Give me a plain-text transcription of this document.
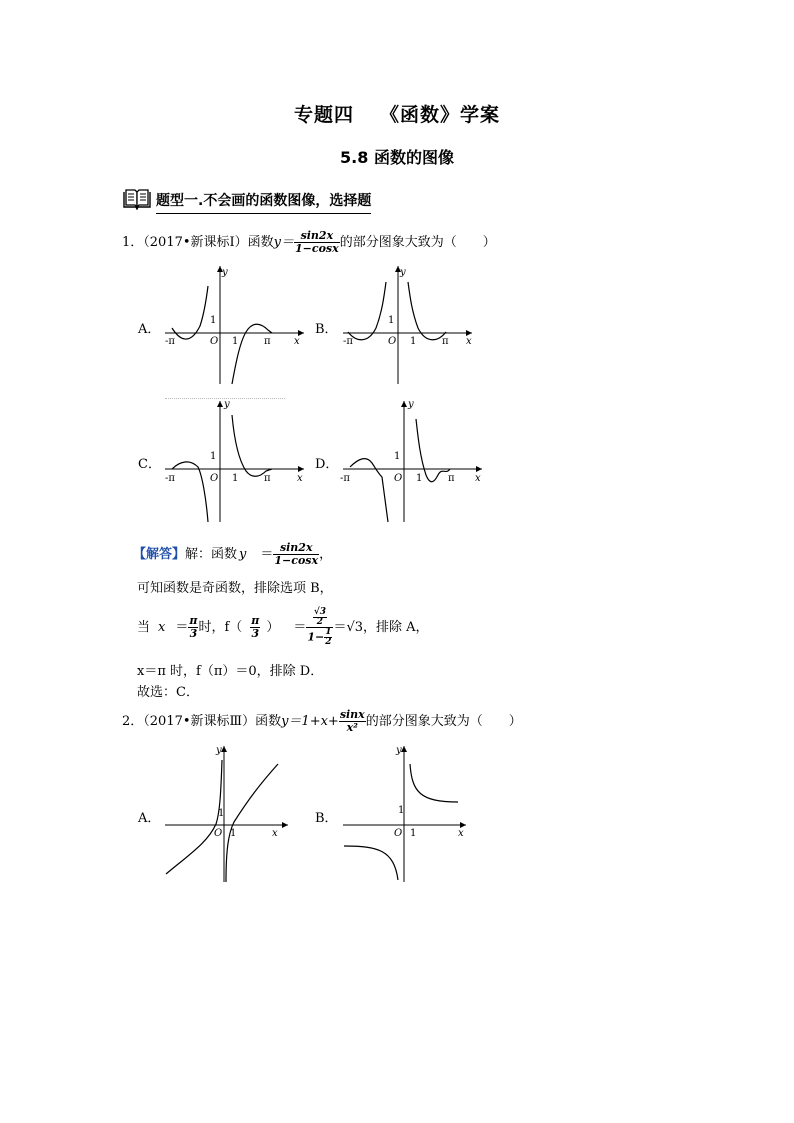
专题四 《函数》学案
5.8 函数的图像
题型一.不会画的函数图像，选择题
1．（2017•新课标Ⅰ）函数$y= \frac{\sin 2x}{1-\cos x}$ 的部分图象大致为（　　）
A．	B．
C．	D．
y
1
O 1	π
-π	x
y
1
O 1	π
-π	x
y
1
O 1	π
-π	x
y
1
O 1	π
-π	x
【解答】解：函数 $y = \frac{\sin 2x}{1-\cos x}$ ，
可知函数是奇函数，排除选项 B，
当 $x = \frac{\pi}{3}$ 时，$f( \frac{\pi}{3}$ ） ＝ $\frac{\frac{√3}{2}}{1- \frac{1}{2}} =√3$，排除 A，
x＝π 时，f（π）＝0，排除 D．
故选：C．
2．（2017•新课标Ⅲ）函数$y=1+x+ \frac{\sin x}{\text{x²}}$ 的部分图象大致为（　　）
A．	B．
y
1
O 1	x
y
1
O 1	x
